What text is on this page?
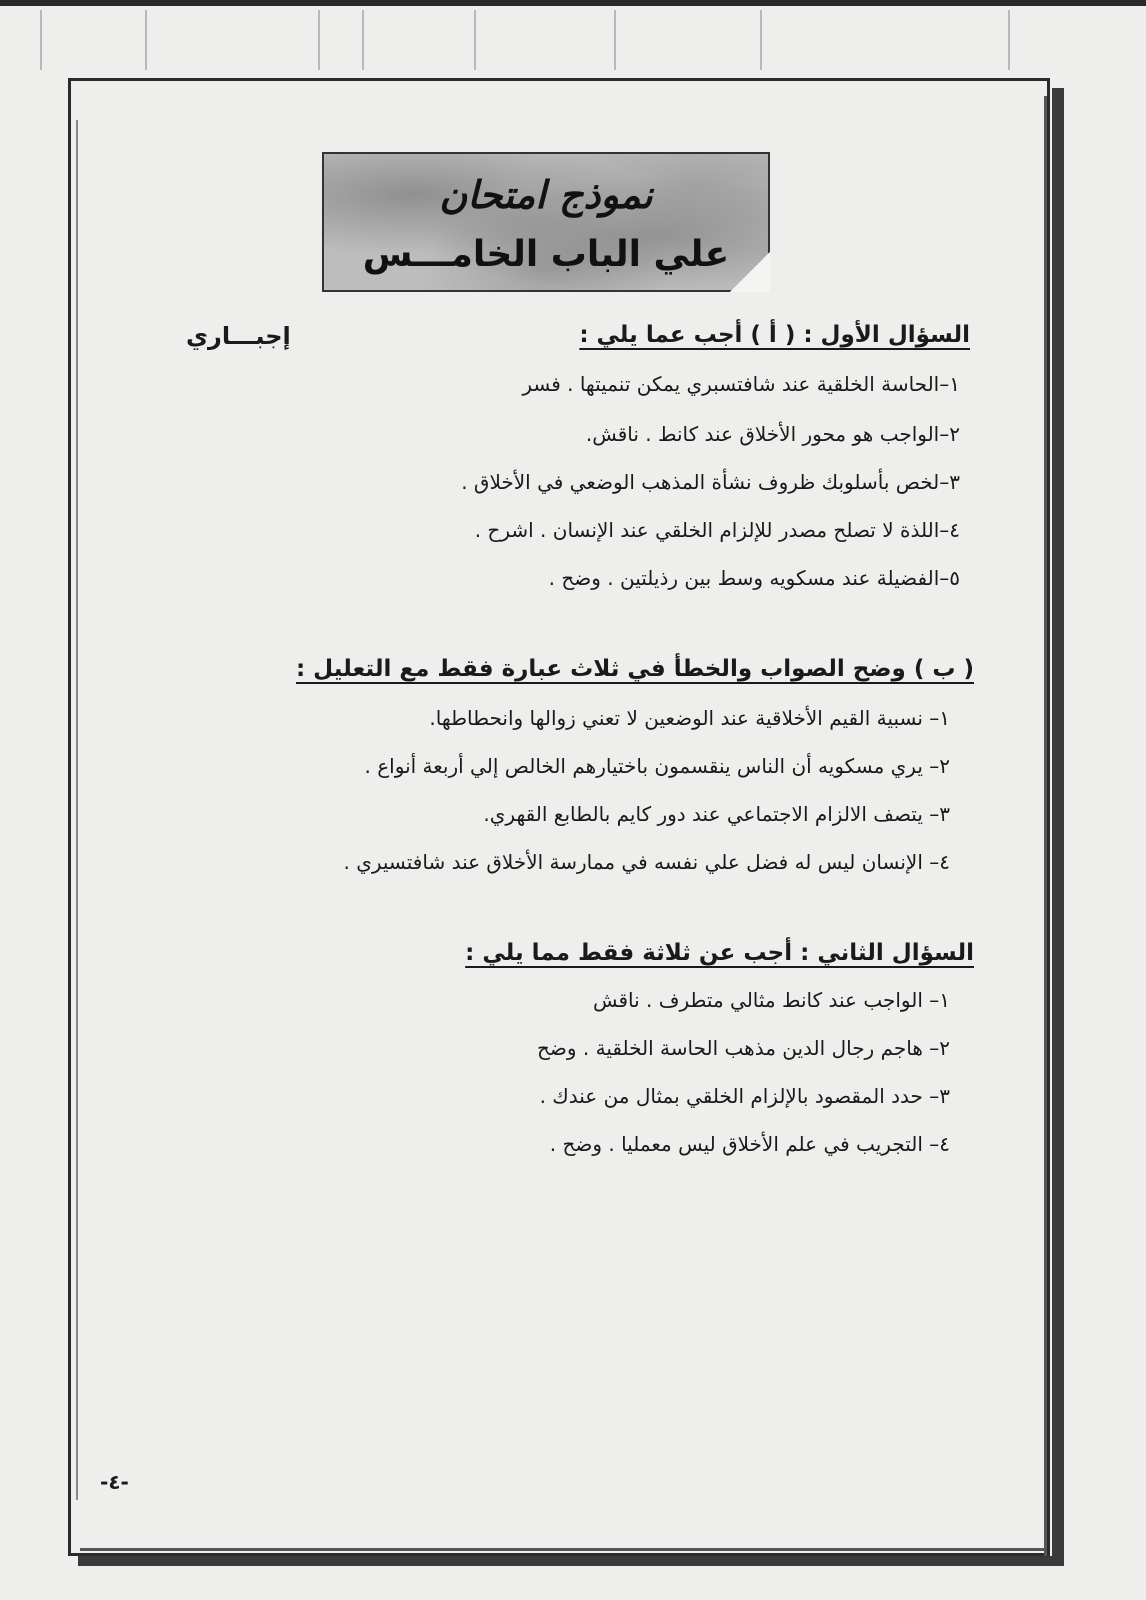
نموذج امتحان
علي الباب الخامـــس
إجبـــاري	السؤال الأول : ( أ ) أجب عما يلي :
١–الحاسة الخلقية عند شافتسبري يمكن تنميتها . فسر
٢–الواجب هو محور الأخلاق عند كانط . ناقش.
٣–لخص بأسلوبك ظروف نشأة المذهب الوضعي في الأخلاق .
٤–اللذة لا تصلح مصدر للإلزام الخلقي عند الإنسان . اشرح .
٥–الفضيلة عند مسكويه وسط بين رذيلتين . وضح .
( ب ) وضح الصواب والخطأ في ثلاث عبارة فقط مع التعليل :
١– نسبية القيم الأخلاقية عند الوضعين لا تعني زوالها وانحطاطها.
٢– يري مسكويه أن الناس ينقسمون باختيارهم الخالص إلي أربعة أنواع .
٣– يتصف الالزام الاجتماعي عند دور كايم بالطابع القهري.
٤– الإنسان ليس له فضل علي نفسه في ممارسة الأخلاق عند شافتسيري .
السؤال الثاني : أجب عن ثلاثة فقط مما يلي :
١– الواجب عند كانط مثالي متطرف . ناقش
٢– هاجم رجال الدين مذهب الحاسة الخلقية . وضح
٣– حدد المقصود بالإلزام الخلقي بمثال من عندك .
٤– التجريب في علم الأخلاق ليس معمليا . وضح .
-٤-
